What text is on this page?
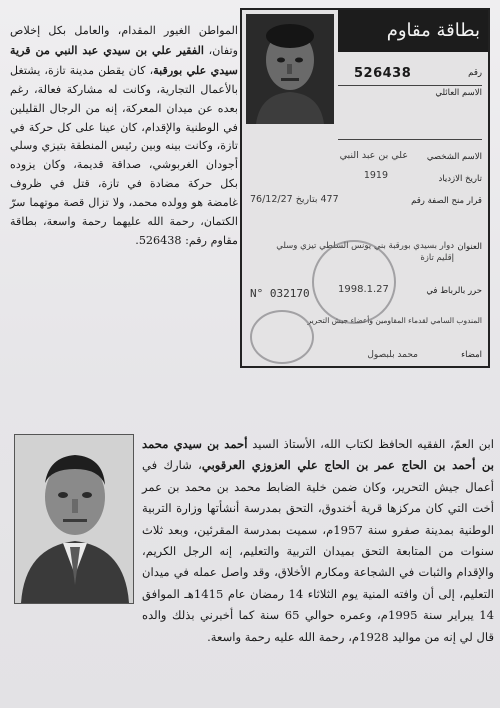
المواطن الغيور المقدام، والعامل بكل إخلاص وتفان، الفقير علي بن سيدي عبد النبي من قرية سيدي علي بورقبة، كان يقطن مدينة تازة، يشتغل بالأعمال التجارية، وكانت له مشاركة فعالة، رغم بعده عن ميدان المعركة، إنه من الرجال القليلين في الوطنية والإقدام، كان عينا على كل حركة في تازة، وكانت بينه وبين رئيس المنطقة بتيزي وسلي أجودان الغربوشي، صداقة قديمة، وكان يزوده بكل حركة مضادة في تازة، قتل في ظروف غامضة هو وولده محمد، ولا تزال قصة موتهما سرّ الكتمان، رحمة الله عليهما رحمة واسعة، بطاقة مقاوم رقم: 526438.

بطاقة مقاوم
526438	رقم
الاسم العائلي
الاسم الشخصي
علي بن عبد النبي
تاريخ الازدياد
1919
قرار منح الصفة رقم
477 بتاريخ 76/12/27
العنوان
دوار بسيدي بورقبة بني يونس السلطي تيزي وسلي إقليم تازة
N° 032170	1998.1.27	حرر بالرباط في
المندوب السامي لقدماء المقاومين وأعضاء جيش التحرير
امضاء
محمد بلبصول
ابن العمّ، الفقيه الحافظ لكتاب الله، الأستاذ السيد أحمد بن سيدي محمد بن أحمد بن الحاج عمر بن الحاج علي العزوزي العرقوبي، شارك في أعمال جيش التحرير، وكان ضمن خلية الضابط محمد بن محمد بن عمر أخت التي كان مركزها قرية أخندوق، التحق بمدرسة أنشأتها وزارة التربية الوطنية بمدينة صفرو سنة 1957م، سميت بمدرسة المقرئين، وبعد ثلاث سنوات من المتابعة التحق بميدان التربية والتعليم، إنه الرجل الكريم، والإقدام والثبات في الشجاعة ومكارم الأخلاق، وقد واصل عمله في ميدان التعليم، إلى أن وافته المنية يوم الثلاثاء 14 رمضان عام 1415هـ الموافق 14 يبراير سنة 1995م، وعمره حوالي 65 سنة كما أخبرني بذلك والده قال لي إنه من مواليد 1928م، رحمة الله عليه رحمة واسعة.
